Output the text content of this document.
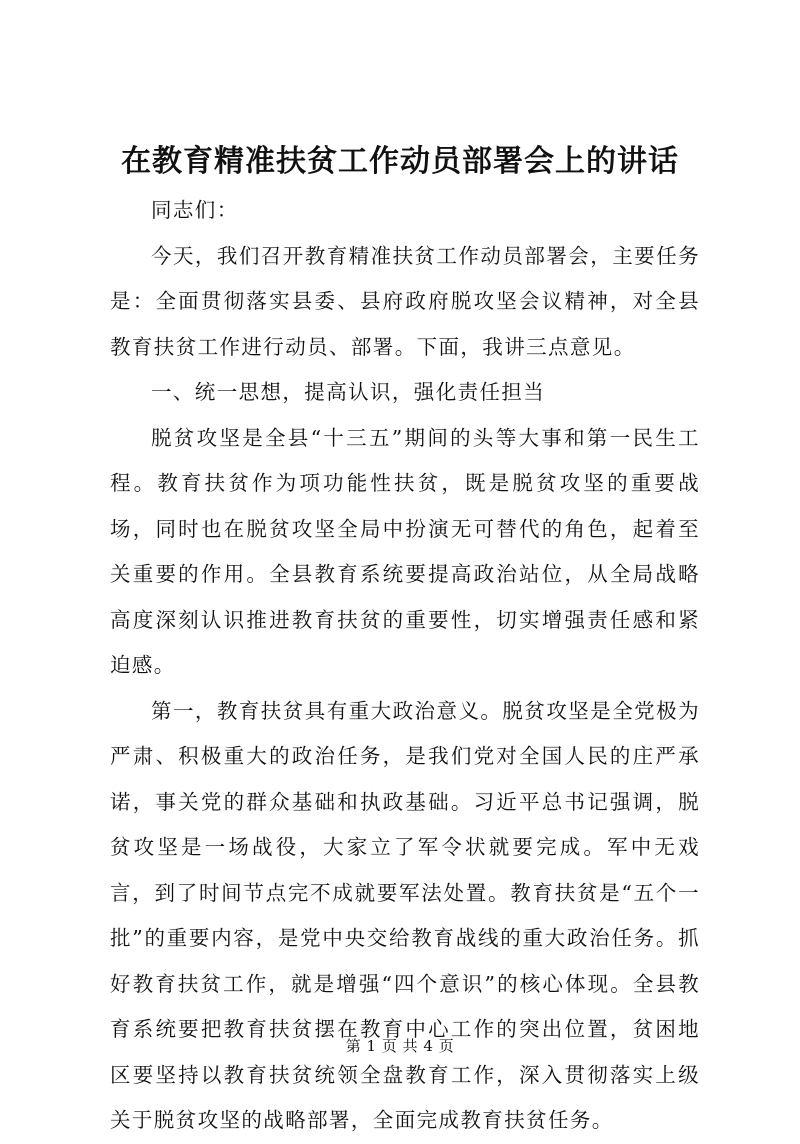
在教育精准扶贫工作动员部署会上的讲话

同志们：

今天，我们召开教育精准扶贫工作动员部署会，主要任务是：全面贯彻落实县委、县府政府脱攻坚会议精神，对全县教育扶贫工作进行动员、部署。下面，我讲三点意见。

一、统一思想，提高认识，强化责任担当

脱贫攻坚是全县“十三五”期间的头等大事和第一民生工程。教育扶贫作为项功能性扶贫，既是脱贫攻坚的重要战场，同时也在脱贫攻坚全局中扮演无可替代的角色，起着至关重要的作用。全县教育系统要提高政治站位，从全局战略高度深刻认识推进教育扶贫的重要性，切实增强责任感和紧迫感。

第一，教育扶贫具有重大政治意义。脱贫攻坚是全党极为严肃、积极重大的政治任务，是我们党对全国人民的庄严承诺，事关党的群众基础和执政基础。习近平总书记强调，脱贫攻坚是一场战役，大家立了军令状就要完成。军中无戏言，到了时间节点完不成就要军法处置。教育扶贫是“五个一批”的重要内容，是党中央交给教育战线的重大政治任务。抓好教育扶贫工作，就是增强“四个意识”的核心体现。全县教育系统要把教育扶贫摆在教育中心工作的突出位置，贫困地区要坚持以教育扶贫统领全盘教育工作，深入贯彻落实上级关于脱贫攻坚的战略部署，全面完成教育扶贫任务。

第 1 页 共 4 页
